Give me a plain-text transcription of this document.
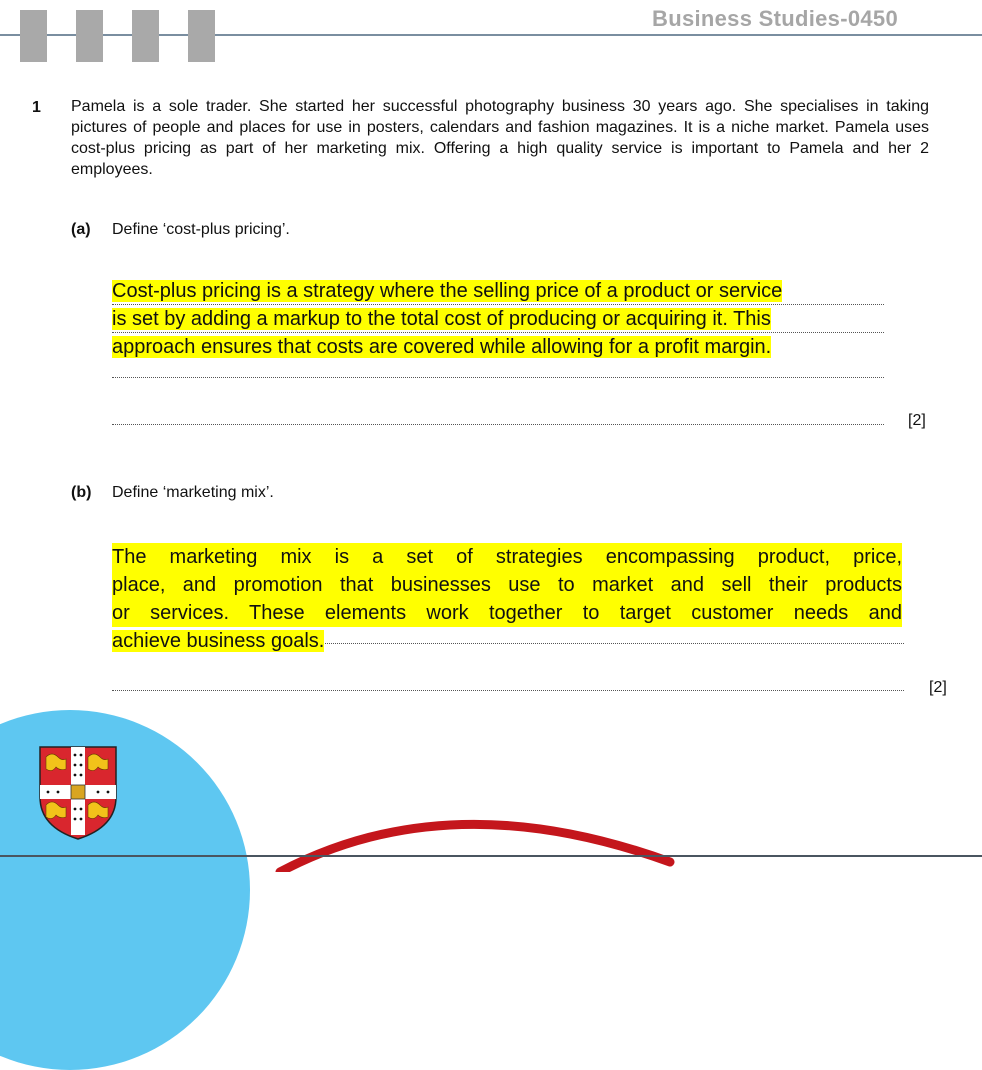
Business Studies-0450
1 Pamela is a sole trader. She started her successful photography business 30 years ago. She specialises in taking pictures of people and places for use in posters, calendars and fashion magazines. It is a niche market. Pamela uses cost-plus pricing as part of her marketing mix. Offering a high quality service is important to Pamela and her 2 employees.
(a) Define ‘cost-plus pricing’.
Cost-plus pricing is a strategy where the selling price of a product or service
is set by adding a markup to the total cost of producing or acquiring it. This
approach ensures that costs are covered while allowing for a profit margin.
[2]
(b) Define ‘marketing mix’.
The marketing mix is a set of strategies encompassing product, price,
place, and promotion that businesses use to market and sell their products
or services. These elements work together to target customer needs and
achieve business goals.
[2]
